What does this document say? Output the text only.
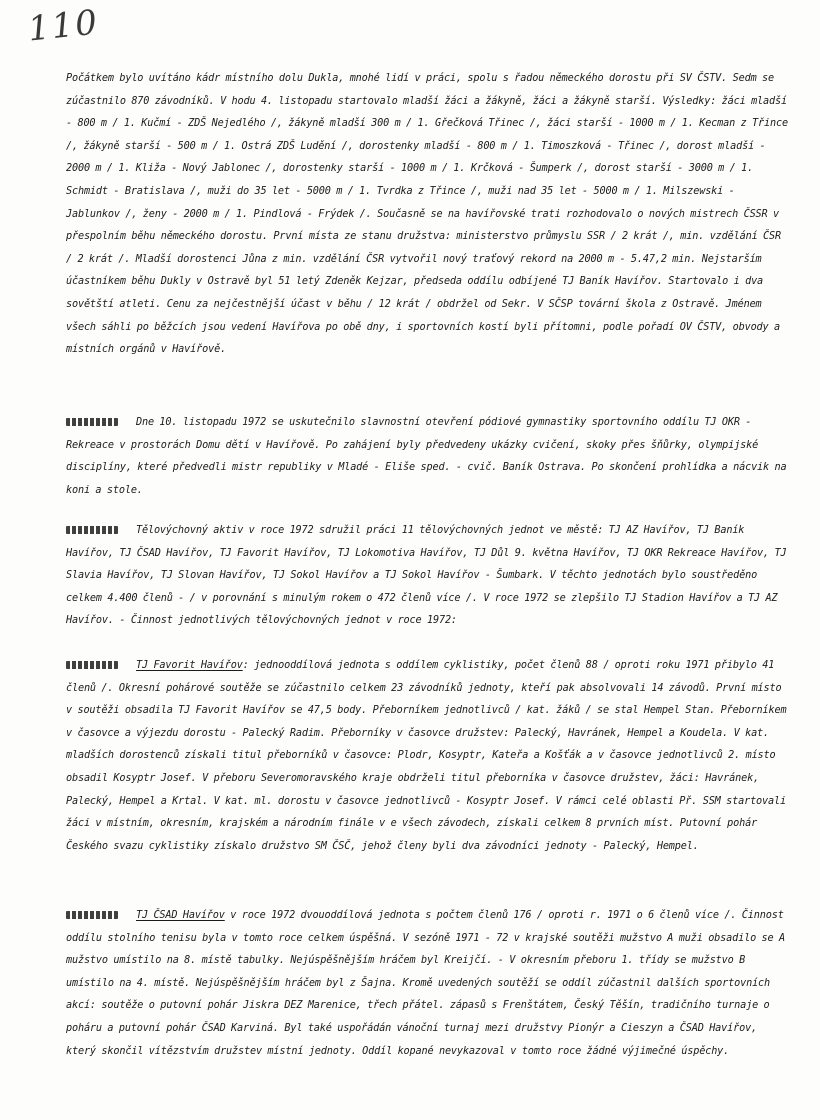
110

Počátkem bylo uvítáno kádr místního dolu Dukla, mnohé lidí v práci, spolu s řadou německého dorostu při SV ČSTV. Sedm se zúčastnilo 870 závodníků. V hodu 4. listopadu startovalo mladší žáci a žákyně, žáci a žákyně starší. Výsledky: žáci mladší - 800 m / 1. Kučmí - ZDŠ Nejedlého /, žákyně mladší 300 m / 1. Gřečková Třinec /, žáci starší - 1000 m / 1. Kecman z Třince /, žákyně starší - 500 m / 1. Ostrá ZDŠ Ludění /, dorostenky mladší - 800 m / 1. Timoszková - Třinec /, dorost mladší - 2000 m / 1. Kliža - Nový Jablonec /, dorostenky starší - 1000 m / 1. Krčková - Šumperk /, dorost starší - 3000 m / 1. Schmidt - Bratislava /, muži do 35 let - 5000 m / 1. Tvrdka z Třince /, muži nad 35 let - 5000 m / 1. Milszewski - Jablunkov /, ženy - 2000 m / 1. Pindlová - Frýdek /. Současně se na havířovské trati rozhodovalo o nových mistrech ČSSR v přespolním běhu německého dorostu. První místa ze stanu družstva: ministerstvo průmyslu SSR / 2 krát /, min. vzdělání ČSR / 2 krát /. Mladší dorostenci Jůna z min. vzdělání ČSR vytvořil nový traťový rekord na 2000 m - 5.47,2 min. Nejstarším účastníkem běhu Dukly v Ostravě byl 51 letý Zdeněk Kejzar, předseda oddílu odbíjené TJ Baník Havířov. Startovalo i dva sovětští atleti. Cenu za nejčestnější účast v běhu / 12 krát / obdržel od Sekr. V SČSP tovární škola z Ostravě. Jménem všech sáhli po běžcích jsou vedení Havířova po obě dny, i sportovních kostí byli přítomni, podle pořadí OV ČSTV, obvody a místních orgánů v Havířově.

Dne 10. listopadu 1972 se uskutečnilo slavnostní otevření pódiové gymnastiky sportovního oddílu TJ OKR - Rekreace v prostorách Domu dětí v Havířově. Po zahájení byly předvedeny ukázky cvičení, skoky přes šňůrky, olympijské disciplíny, které předvedli mistr republiky v Mladé - Eliše sped. - cvič. Baník Ostrava. Po skončení prohlídka a nácvik na koni a stole.

Tělovýchovný aktiv v roce 1972 sdružil práci 11 tělovýchovných jednot ve městě: TJ AZ Havířov, TJ Baník Havířov, TJ ČSAD Havířov, TJ Favorit Havířov, TJ Lokomotiva Havířov, TJ Důl 9. května Havířov, TJ OKR Rekreace Havířov, TJ Slavia Havířov, TJ Slovan Havířov, TJ Sokol Havířov a TJ Sokol Havířov - Šumbark. V těchto jednotách bylo soustředěno celkem 4.400 členů - / v porovnání s minulým rokem o 472 členů více /. V roce 1972 se zlepšilo TJ Stadion Havířov a TJ AZ Havířov. - Činnost jednotlivých tělovýchovných jednot v roce 1972:

TJ Favorit Havířov: jednooddílová jednota s oddílem cyklistiky, počet členů 88 / oproti roku 1971 přibylo 41 členů /. Okresní pohárové soutěže se zúčastnilo celkem 23 závodníků jednoty, kteří pak absolvovali 14 závodů. První místo v soutěži obsadila TJ Favorit Havířov se 47,5 body. Přeborníkem jednotlivců / kat. žáků / se stal Hempel Stan. Přeborníkem v časovce a výjezdu dorostu - Palecký Radim. Přeborníky v časovce družstev: Palecký, Havránek, Hempel a Koudela. V kat. mladších dorostenců získali titul přeborníků v časovce: Plodr, Kosyptr, Kateřa a Košťák a v časovce jednotlivců 2. místo obsadil Kosyptr Josef. V přeboru Severomoravského kraje obdrželi titul přeborníka v časovce družstev, žáci: Havránek, Palecký, Hempel a Krtal. V kat. ml. dorostu v časovce jednotlivců - Kosyptr Josef. V rámci celé oblasti Př. SSM startovali žáci v místním, okresním, krajském a národním finále v e všech závodech, získali celkem 8 prvních míst. Putovní pohár Českého svazu cyklistiky získalo družstvo SM ČSČ, jehož členy byli dva závodníci jednoty - Palecký, Hempel.

TJ ČSAD Havířov v roce 1972 dvouoddílová jednota s počtem členů 176 / oproti r. 1971 o 6 členů více /. Činnost oddílu stolního tenisu byla v tomto roce celkem úspěšná. V sezóně 1971 - 72 v krajské soutěži mužstvo A muži obsadilo se A mužstvo umístilo na 8. místě tabulky. Nejúspěšnějším hráčem byl Kreijčí. - V okresním přeboru 1. třídy se mužstvo B umístilo na 4. místě. Nejúspěšnějším hráčem byl z Šajna. Kromě uvedených soutěží se oddíl zúčastnil dalších sportovních akcí: soutěže o putovní pohár Jiskra DEZ Marenice, třech přátel. zápasů s Frenštátem, Český Těšín, tradičního turnaje o poháru a putovní pohár ČSAD Karviná. Byl také uspořádán vánoční turnaj mezi družstvy Pionýr a Cieszyn a ČSAD Havířov, který skončil vítězstvím družstev místní jednoty. Oddíl kopané nevykazoval v tomto roce žádné výjimečné úspěchy.
